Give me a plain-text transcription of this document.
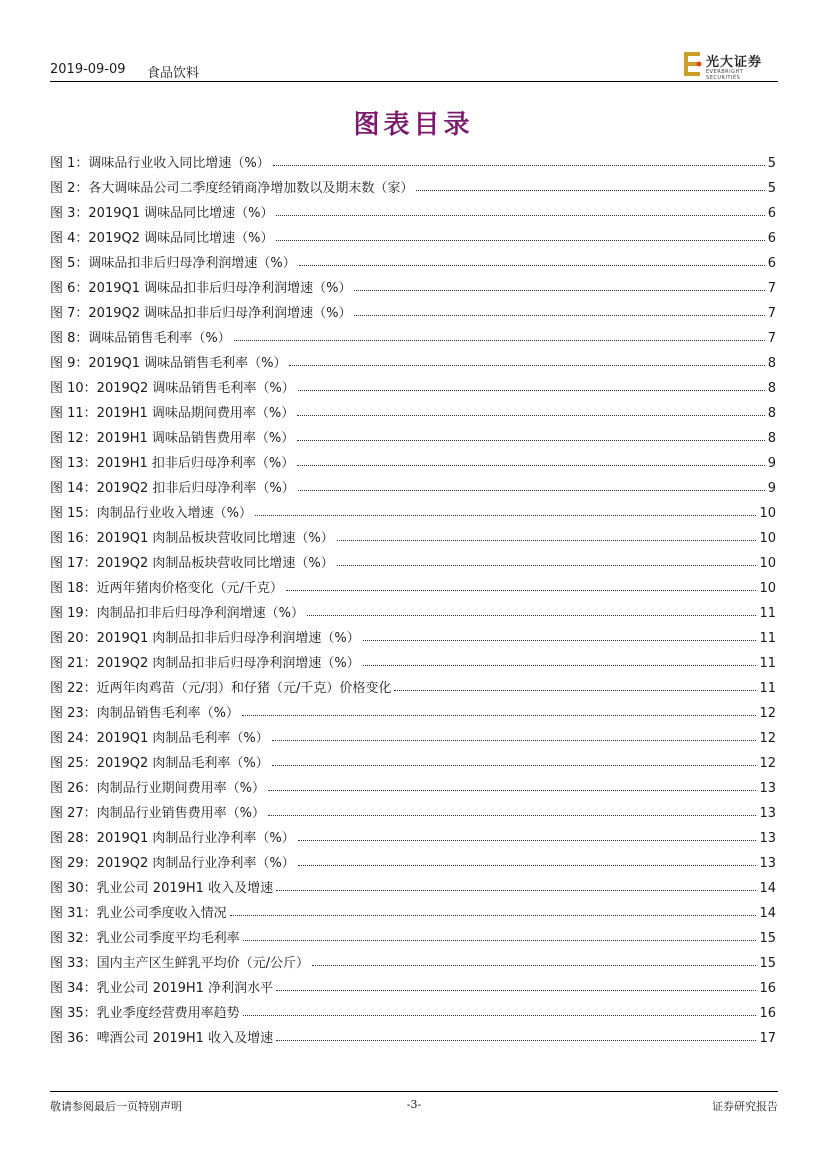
2019-09-09 食品饮料
光大证券
EVERBRIGHT SECURITIES
图表目录
图 1：调味品行业收入同比增速（%）	5
图 2：各大调味品公司二季度经销商净增加数以及期末数（家）	5
图 3：2019Q1 调味品同比增速（%）	6
图 4：2019Q2 调味品同比增速（%）	6
图 5：调味品扣非后归母净利润增速（%）	6
图 6：2019Q1 调味品扣非后归母净利润增速（%）	7
图 7：2019Q2 调味品扣非后归母净利润增速（%）	7
图 8：调味品销售毛利率（%）	7
图 9：2019Q1 调味品销售毛利率（%）	8
图 10：2019Q2 调味品销售毛利率（%）	8
图 11：2019H1 调味品期间费用率（%）	8
图 12：2019H1 调味品销售费用率（%）	8
图 13：2019H1 扣非后归母净利率（%）	9
图 14：2019Q2 扣非后归母净利率（%）	9
图 15：肉制品行业收入增速（%）	10
图 16：2019Q1 肉制品板块营收同比增速（%）	10
图 17：2019Q2 肉制品板块营收同比增速（%）	10
图 18：近两年猪肉价格变化（元/千克）	10
图 19：肉制品扣非后归母净利润增速（%）	11
图 20：2019Q1 肉制品扣非后归母净利润增速（%）	11
图 21：2019Q2 肉制品扣非后归母净利润增速（%）	11
图 22：近两年肉鸡苗（元/羽）和仔猪（元/千克）价格变化	11
图 23：肉制品销售毛利率（%）	12
图 24：2019Q1 肉制品毛利率（%）	12
图 25：2019Q2 肉制品毛利率（%）	12
图 26：肉制品行业期间费用率（%）	13
图 27：肉制品行业销售费用率（%）	13
图 28：2019Q1 肉制品行业净利率（%）	13
图 29：2019Q2 肉制品行业净利率（%）	13
图 30：乳业公司 2019H1 收入及增速	14
图 31：乳业公司季度收入情况	14
图 32：乳业公司季度平均毛利率	15
图 33：国内主产区生鲜乳平均价（元/公斤）	15
图 34：乳业公司 2019H1 净利润水平	16
图 35：乳业季度经营费用率趋势	16
图 36：啤酒公司 2019H1 收入及增速	17
敬请参阅最后一页特别声明	-3-	证券研究报告
